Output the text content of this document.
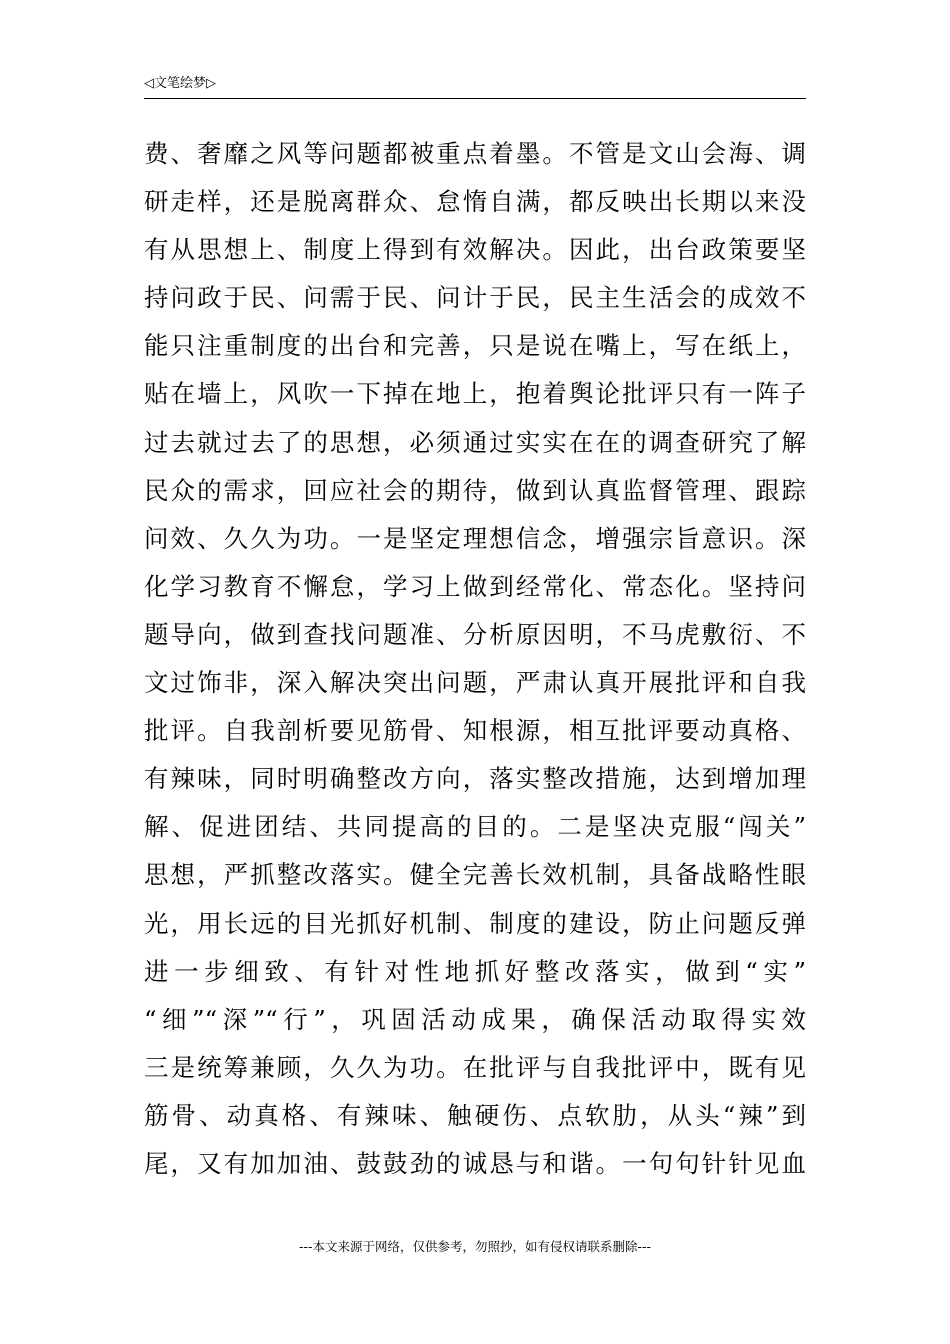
◁文笔绘梦▷
费、奢靡之风等问题都被重点着墨。不管是文山会海、调
研走样，还是脱离群众、怠惰自满，都反映出长期以来没
有从思想上、制度上得到有效解决。因此，出台政策要坚
持问政于民、问需于民、问计于民，民主生活会的成效不
能只注重制度的出台和完善，只是说在嘴上，写在纸上，
贴在墙上，风吹一下掉在地上，抱着舆论批评只有一阵子
过去就过去了的思想，必须通过实实在在的调查研究了解
民众的需求，回应社会的期待，做到认真监督管理、跟踪
问效、久久为功。一是坚定理想信念，增强宗旨意识。深
化学习教育不懈怠，学习上做到经常化、常态化。坚持问
题导向，做到查找问题准、分析原因明，不马虎敷衍、不
文过饰非，深入解决突出问题，严肃认真开展批评和自我
批评。自我剖析要见筋骨、知根源，相互批评要动真格、
有辣味，同时明确整改方向，落实整改措施，达到增加理
解、促进团结、共同提高的目的。二是坚决克服“闯关”
思想，严抓整改落实。健全完善长效机制，具备战略性眼
光，用长远的目光抓好机制、制度的建设，防止问题反弹
进一步细致、有针对性地抓好整改落实，做到“实”
“细”“深”“行”，巩固活动成果，确保活动取得实效
三是统筹兼顾，久久为功。在批评与自我批评中，既有见
筋骨、动真格、有辣味、触硬伤、点软肋，从头“辣”到
尾，又有加加油、鼓鼓劲的诚恳与和谐。一句句针针见血
---本文来源于网络，仅供参考，勿照抄，如有侵权请联系删除---
